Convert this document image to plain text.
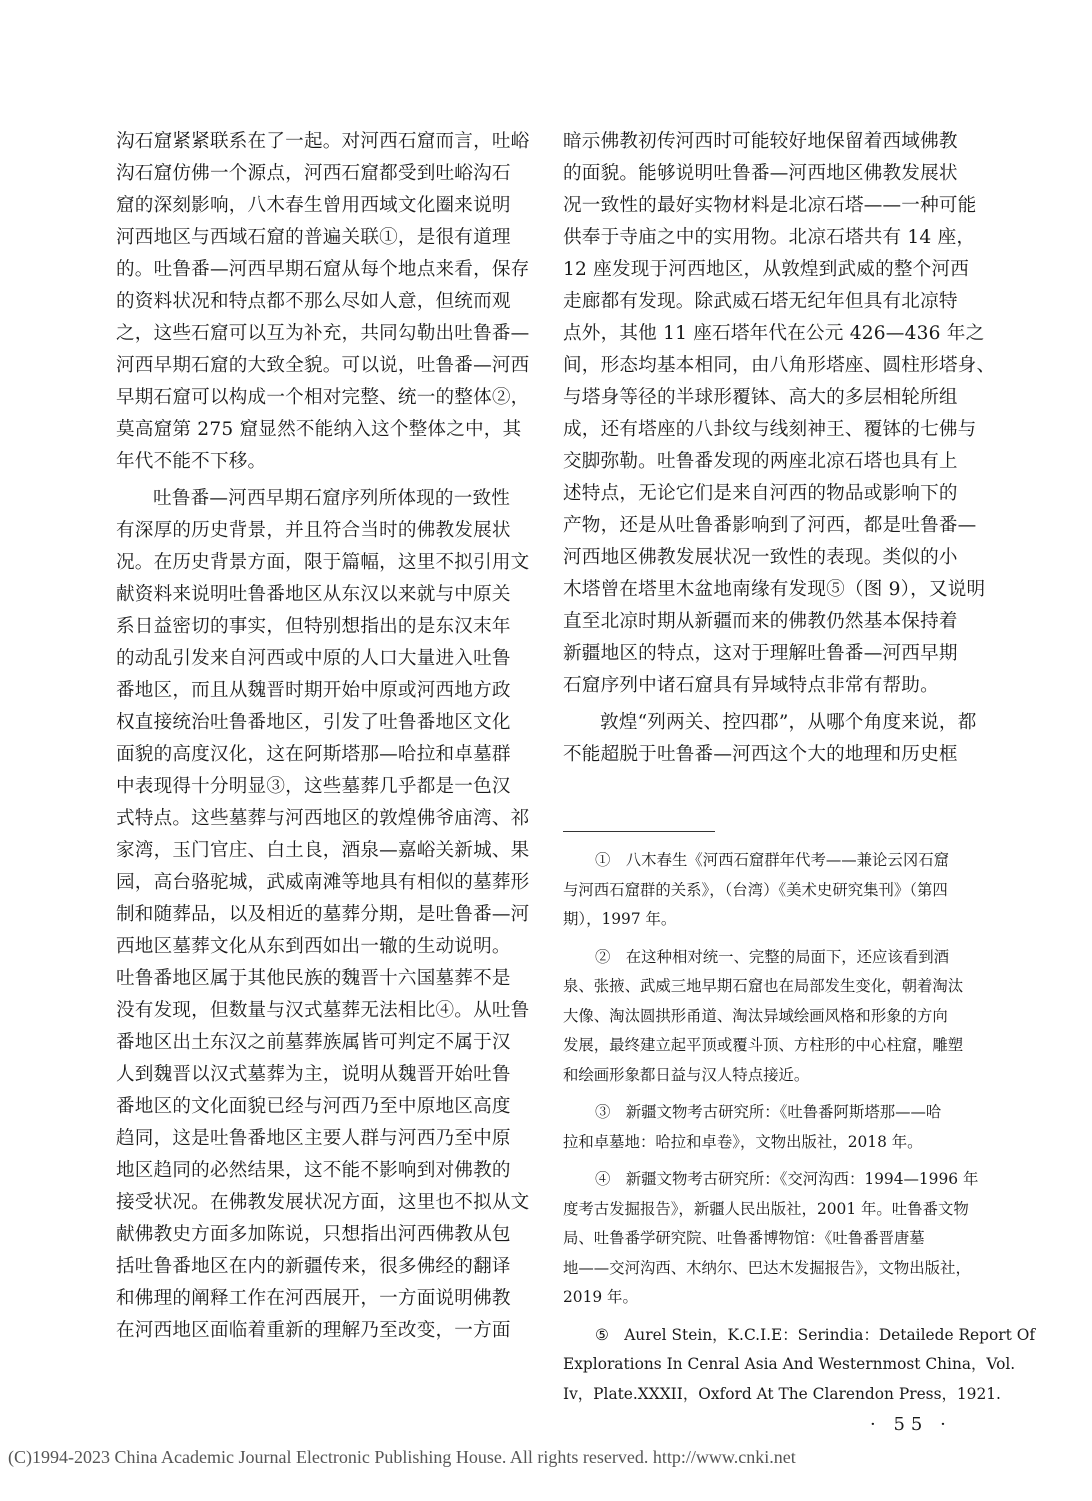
沟石窟紧紧联系在了一起。对河西石窟而言，吐峪
沟石窟仿佛一个源点，河西石窟都受到吐峪沟石
窟的深刻影响，八木春生曾用西域文化圈来说明
河西地区与西域石窟的普遍关联①，是很有道理
的。吐鲁番—河西早期石窟从每个地点来看，保存
的资料状况和特点都不那么尽如人意，但统而观
之，这些石窟可以互为补充，共同勾勒出吐鲁番—
河西早期石窟的大致全貌。可以说，吐鲁番—河西
早期石窟可以构成一个相对完整、统一的整体②，
莫高窟第 275 窟显然不能纳入这个整体之中，其
年代不能不下移。
吐鲁番—河西早期石窟序列所体现的一致性
有深厚的历史背景，并且符合当时的佛教发展状
况。在历史背景方面，限于篇幅，这里不拟引用文
献资料来说明吐鲁番地区从东汉以来就与中原关
系日益密切的事实，但特别想指出的是东汉末年
的动乱引发来自河西或中原的人口大量进入吐鲁
番地区，而且从魏晋时期开始中原或河西地方政
权直接统治吐鲁番地区，引发了吐鲁番地区文化
面貌的高度汉化，这在阿斯塔那—哈拉和卓墓群
中表现得十分明显③，这些墓葬几乎都是一色汉
式特点。这些墓葬与河西地区的敦煌佛爷庙湾、祁
家湾，玉门官庄、白土良，酒泉—嘉峪关新城、果
园，高台骆驼城，武威南滩等地具有相似的墓葬形
制和随葬品，以及相近的墓葬分期，是吐鲁番—河
西地区墓葬文化从东到西如出一辙的生动说明。
吐鲁番地区属于其他民族的魏晋十六国墓葬不是
没有发现，但数量与汉式墓葬无法相比④。从吐鲁
番地区出土东汉之前墓葬族属皆可判定不属于汉
人到魏晋以汉式墓葬为主，说明从魏晋开始吐鲁
番地区的文化面貌已经与河西乃至中原地区高度
趋同，这是吐鲁番地区主要人群与河西乃至中原
地区趋同的必然结果，这不能不影响到对佛教的
接受状况。在佛教发展状况方面，这里也不拟从文
献佛教史方面多加陈说，只想指出河西佛教从包
括吐鲁番地区在内的新疆传来，很多佛经的翻译
和佛理的阐释工作在河西展开，一方面说明佛教
在河西地区面临着重新的理解乃至改变，一方面
暗示佛教初传河西时可能较好地保留着西域佛教
的面貌。能够说明吐鲁番—河西地区佛教发展状
况一致性的最好实物材料是北凉石塔——一种可能
供奉于寺庙之中的实用物。北凉石塔共有 14 座，
12 座发现于河西地区，从敦煌到武威的整个河西
走廊都有发现。除武威石塔无纪年但具有北凉特
点外，其他 11 座石塔年代在公元 426—436 年之
间，形态均基本相同，由八角形塔座、圆柱形塔身、
与塔身等径的半球形覆钵、高大的多层相轮所组
成，还有塔座的八卦纹与线刻神王、覆钵的七佛与
交脚弥勒。吐鲁番发现的两座北凉石塔也具有上
述特点，无论它们是来自河西的物品或影响下的
产物，还是从吐鲁番影响到了河西，都是吐鲁番—
河西地区佛教发展状况一致性的表现。类似的小
木塔曾在塔里木盆地南缘有发现⑤（图 9），又说明
直至北凉时期从新疆而来的佛教仍然基本保持着
新疆地区的特点，这对于理解吐鲁番—河西早期
石窟序列中诸石窟具有异域特点非常有帮助。
敦煌“列两关、控四郡”，从哪个角度来说，都
不能超脱于吐鲁番—河西这个大的地理和历史框
①　八木春生《河西石窟群年代考——兼论云冈石窟
与河西石窟群的关系》，（台湾）《美术史研究集刊》（第四
期），1997 年。
②　在这种相对统一、完整的局面下，还应该看到酒
泉、张掖、武威三地早期石窟也在局部发生变化，朝着淘汰
大像、淘汰圆拱形甬道、淘汰异域绘画风格和形象的方向
发展，最终建立起平顶或覆斗顶、方柱形的中心柱窟，雕塑
和绘画形象都日益与汉人特点接近。
③　新疆文物考古研究所：《吐鲁番阿斯塔那——哈
拉和卓墓地：哈拉和卓卷》，文物出版社，2018 年。
④　新疆文物考古研究所：《交河沟西：1994—1996 年
度考古发掘报告》，新疆人民出版社，2001 年。吐鲁番文物
局、吐鲁番学研究院、吐鲁番博物馆：《吐鲁番晋唐墓
地——交河沟西、木纳尔、巴达木发掘报告》，文物出版社，
2019 年。
⑤　Aurel Stein，K.C.I.E：Serindia：Detailede Report Of
Explorations In Cenral Asia And Westernmost China，Vol.
Iv，Plate.XXXII，Oxford At The Clarendon Press，1921.
· 55 ·
(C)1994-2023 China Academic Journal Electronic Publishing House. All rights reserved. http://www.cnki.net
